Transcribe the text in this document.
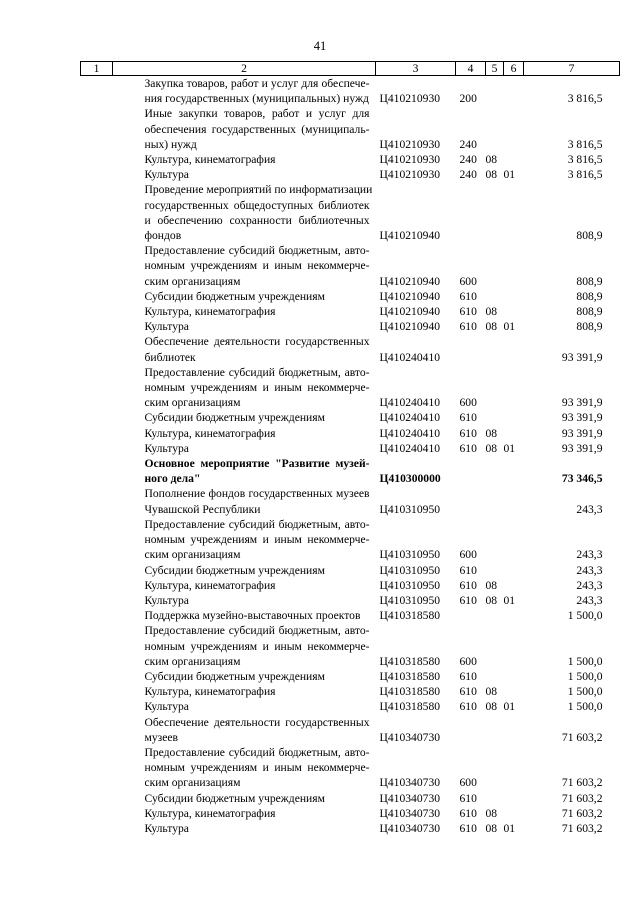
41
1	2	3	4	5	6	7

	Закупка товаров, работ и услуг для обеспече-
ния государственных (муниципальных) нужд	Ц410210930	200			3 816,5

	Иные закупки товаров, работ и услуг для
обеспечения государственных (муниципаль-
ных) нужд	Ц410210930	240			3 816,5

	Культура, кинематография	Ц410210930	240	08		3 816,5

	Культура	Ц410210930	240	08	01	3 816,5

	Проведение мероприятий по информатизации
государственных общедоступных библиотек
и обеспечению сохранности библиотечных
фондов	Ц410210940				808,9

	Предоставление субсидий бюджетным, авто-
номным учреждениям и иным некоммерче-
ским организациям	Ц410210940	600			808,9

	Субсидии бюджетным учреждениям	Ц410210940	610			808,9

	Культура, кинематография	Ц410210940	610	08		808,9

	Культура	Ц410210940	610	08	01	808,9

	Обеспечение деятельности государственных
библиотек	Ц410240410				93 391,9

	Предоставление субсидий бюджетным, авто-
номным учреждениям и иным некоммерче-
ским организациям	Ц410240410	600			93 391,9

	Субсидии бюджетным учреждениям	Ц410240410	610			93 391,9

	Культура, кинематография	Ц410240410	610	08		93 391,9

	Культура	Ц410240410	610	08	01	93 391,9

	Основное мероприятие "Развитие музей-
ного дела"	Ц410300000				73 346,5

	Пополнение фондов государственных музеев
Чувашской Республики	Ц410310950				243,3

	Предоставление субсидий бюджетным, авто-
номным учреждениям и иным некоммерче-
ским организациям	Ц410310950	600			243,3

	Субсидии бюджетным учреждениям	Ц410310950	610			243,3

	Культура, кинематография	Ц410310950	610	08		243,3

	Культура	Ц410310950	610	08	01	243,3

	Поддержка музейно-выставочных проектов	Ц410318580				1 500,0

	Предоставление субсидий бюджетным, авто-
номным учреждениям и иным некоммерче-
ским организациям	Ц410318580	600			1 500,0

	Субсидии бюджетным учреждениям	Ц410318580	610			1 500,0

	Культура, кинематография	Ц410318580	610	08		1 500,0

	Культура	Ц410318580	610	08	01	1 500,0

	Обеспечение деятельности государственных
музеев	Ц410340730				71 603,2

	Предоставление субсидий бюджетным, авто-
номным учреждениям и иным некоммерче-
ским организациям	Ц410340730	600			71 603,2

	Субсидии бюджетным учреждениям	Ц410340730	610			71 603,2

	Культура, кинематография	Ц410340730	610	08		71 603,2

	Культура	Ц410340730	610	08	01	71 603,2
